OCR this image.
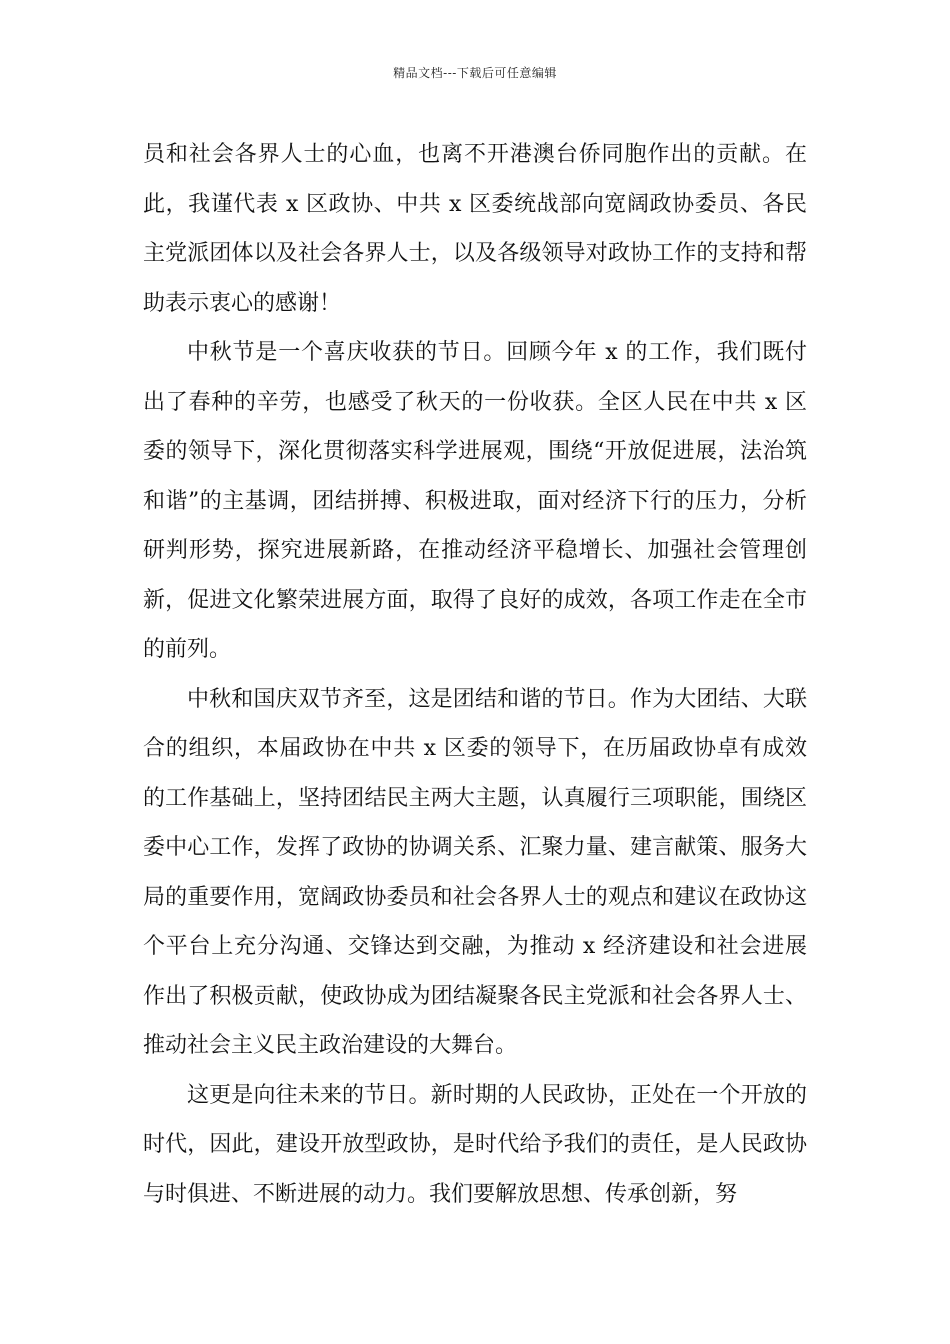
精品文档---下载后可任意编辑

员和社会各界人士的心血，也离不开港澳台侨同胞作出的贡献。在此，我谨代表 x 区政协、中共 x 区委统战部向宽阔政协委员、各民主党派团体以及社会各界人士，以及各级领导对政协工作的支持和帮助表示衷心的感谢！

中秋节是一个喜庆收获的节日。回顾今年 x 的工作，我们既付出了春种的辛劳，也感受了秋天的一份收获。全区人民在中共 x 区委的领导下，深化贯彻落实科学进展观，围绕“开放促进展，法治筑和谐”的主基调，团结拼搏、积极进取，面对经济下行的压力，分析研判形势，探究进展新路，在推动经济平稳增长、加强社会管理创新，促进文化繁荣进展方面，取得了良好的成效，各项工作走在全市的前列。

中秋和国庆双节齐至，这是团结和谐的节日。作为大团结、大联合的组织，本届政协在中共 x 区委的领导下，在历届政协卓有成效的工作基础上，坚持团结民主两大主题，认真履行三项职能，围绕区委中心工作，发挥了政协的协调关系、汇聚力量、建言献策、服务大局的重要作用，宽阔政协委员和社会各界人士的观点和建议在政协这个平台上充分沟通、交锋达到交融，为推动 x 经济建设和社会进展作出了积极贡献，使政协成为团结凝聚各民主党派和社会各界人士、推动社会主义民主政治建设的大舞台。

这更是向往未来的节日。新时期的人民政协，正处在一个开放的时代，因此，建设开放型政协，是时代给予我们的责任，是人民政协与时俱进、不断进展的动力。我们要解放思想、传承创新，努
